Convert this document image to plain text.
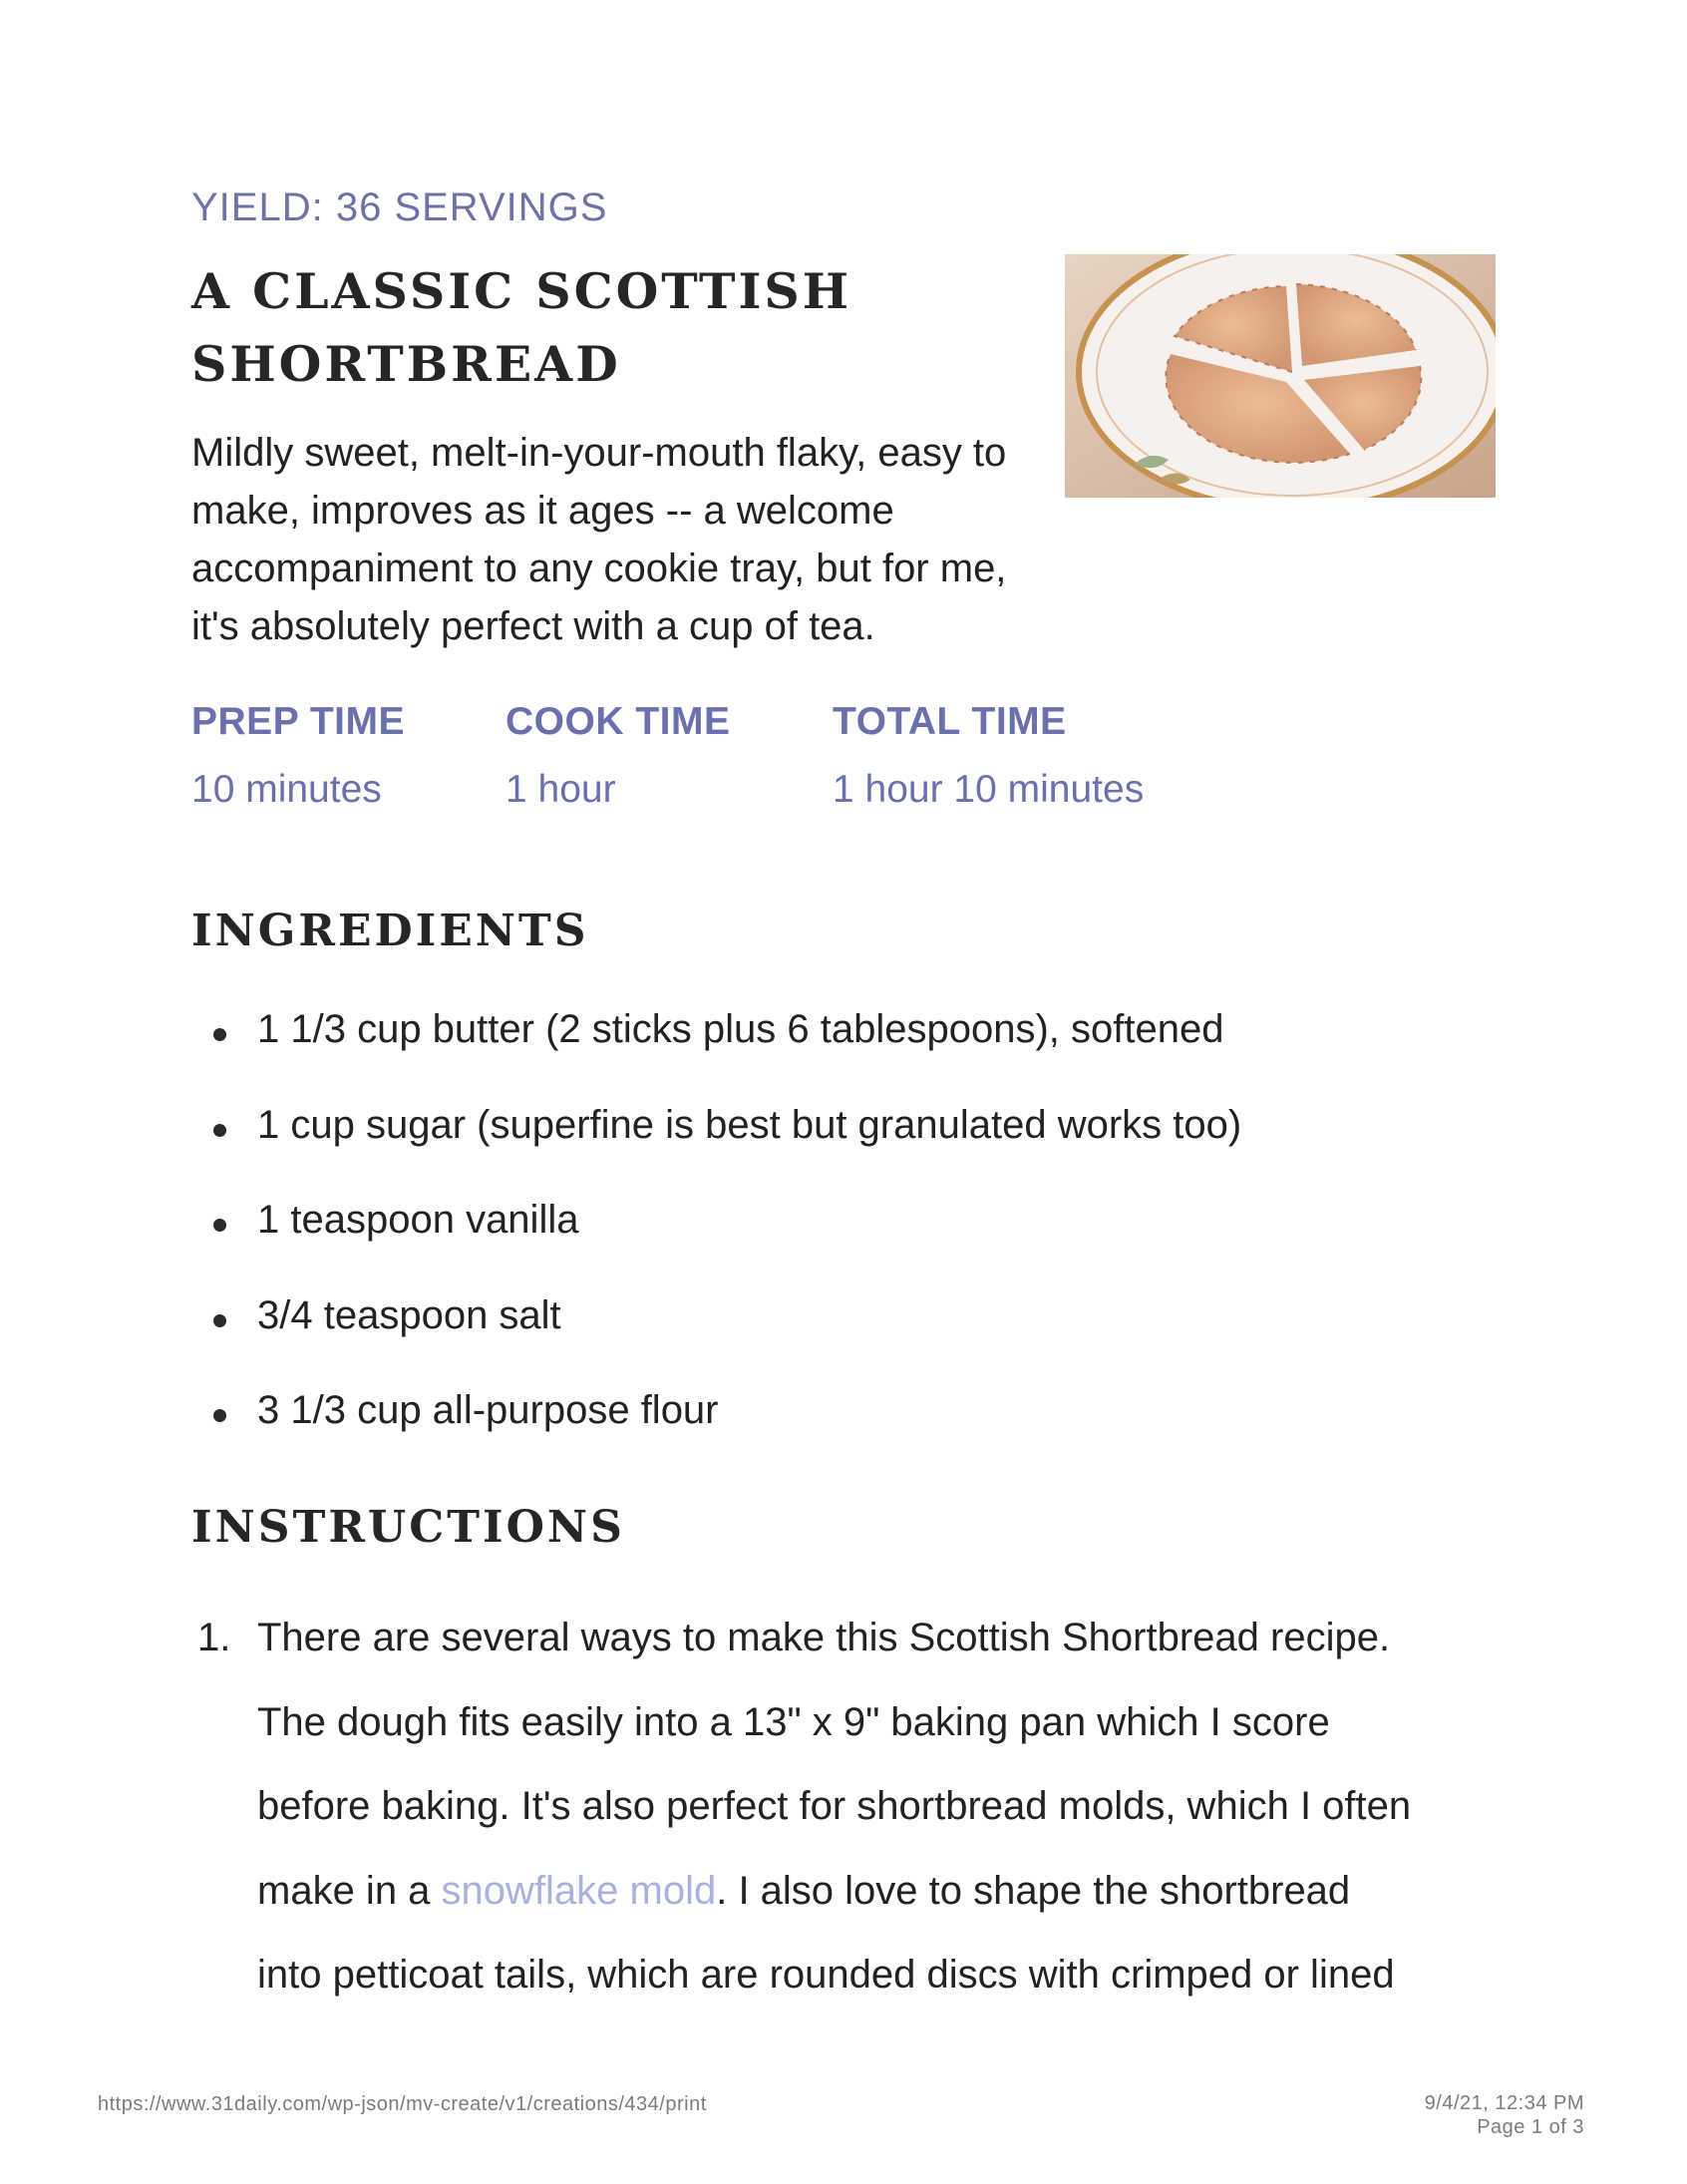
YIELD: 36 SERVINGS
A CLASSIC SCOTTISH
SHORTBREAD

Mildly sweet, melt-in-your-mouth flaky, easy to make, improves as it ages -- a welcome accompaniment to any cookie tray, but for me, it's absolutely perfect with a cup of tea.

PREP TIME
10 minutes
COOK TIME
1 hour
TOTAL TIME
1 hour 10 minutes
INGREDIENTS
1 1/3 cup butter (2 sticks plus 6 tablespoons), softened
1 cup sugar (superfine is best but granulated works too)
1 teaspoon vanilla
3/4 teaspoon salt
3 1/3 cup all-purpose flour
INSTRUCTIONS
1. There are several ways to make this Scottish Shortbread recipe.
The dough fits easily into a 13" x 9" baking pan which I score
before baking. It's also perfect for shortbread molds, which I often
make in a snowflake mold. I also love to shape the shortbread
into petticoat tails, which are rounded discs with crimped or lined
https://www.31daily.com/wp-json/mv-create/v1/creations/434/print	9/4/21, 12:34 PM
Page 1 of 3
